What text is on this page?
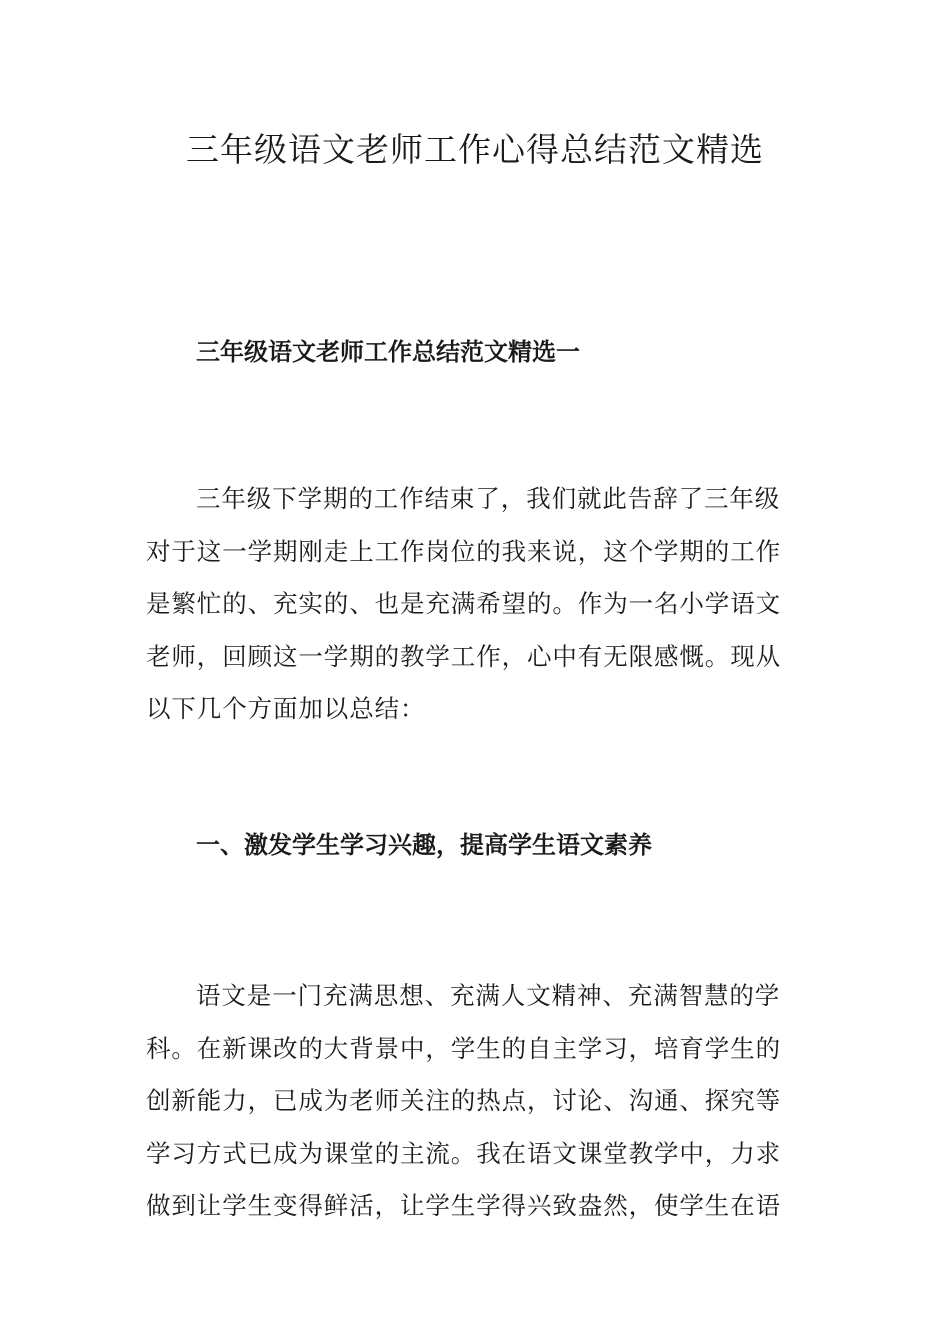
三年级语文老师工作心得总结范文精选
三年级语文老师工作总结范文精选一
三年级下学期的工作结束了，我们就此告辞了三年级
对于这一学期刚走上工作岗位的我来说，这个学期的工作
是繁忙的、充实的、也是充满希望的。作为一名小学语文
老师，回顾这一学期的教学工作，心中有无限感慨。现从
以下几个方面加以总结：
一、激发学生学习兴趣，提高学生语文素养
语文是一门充满思想、充满人文精神、充满智慧的学
科。在新课改的大背景中，学生的自主学习，培育学生的
创新能力，已成为老师关注的热点，讨论、沟通、探究等
学习方式已成为课堂的主流。我在语文课堂教学中，力求
做到让学生变得鲜活，让学生学得兴致盎然，使学生在语
